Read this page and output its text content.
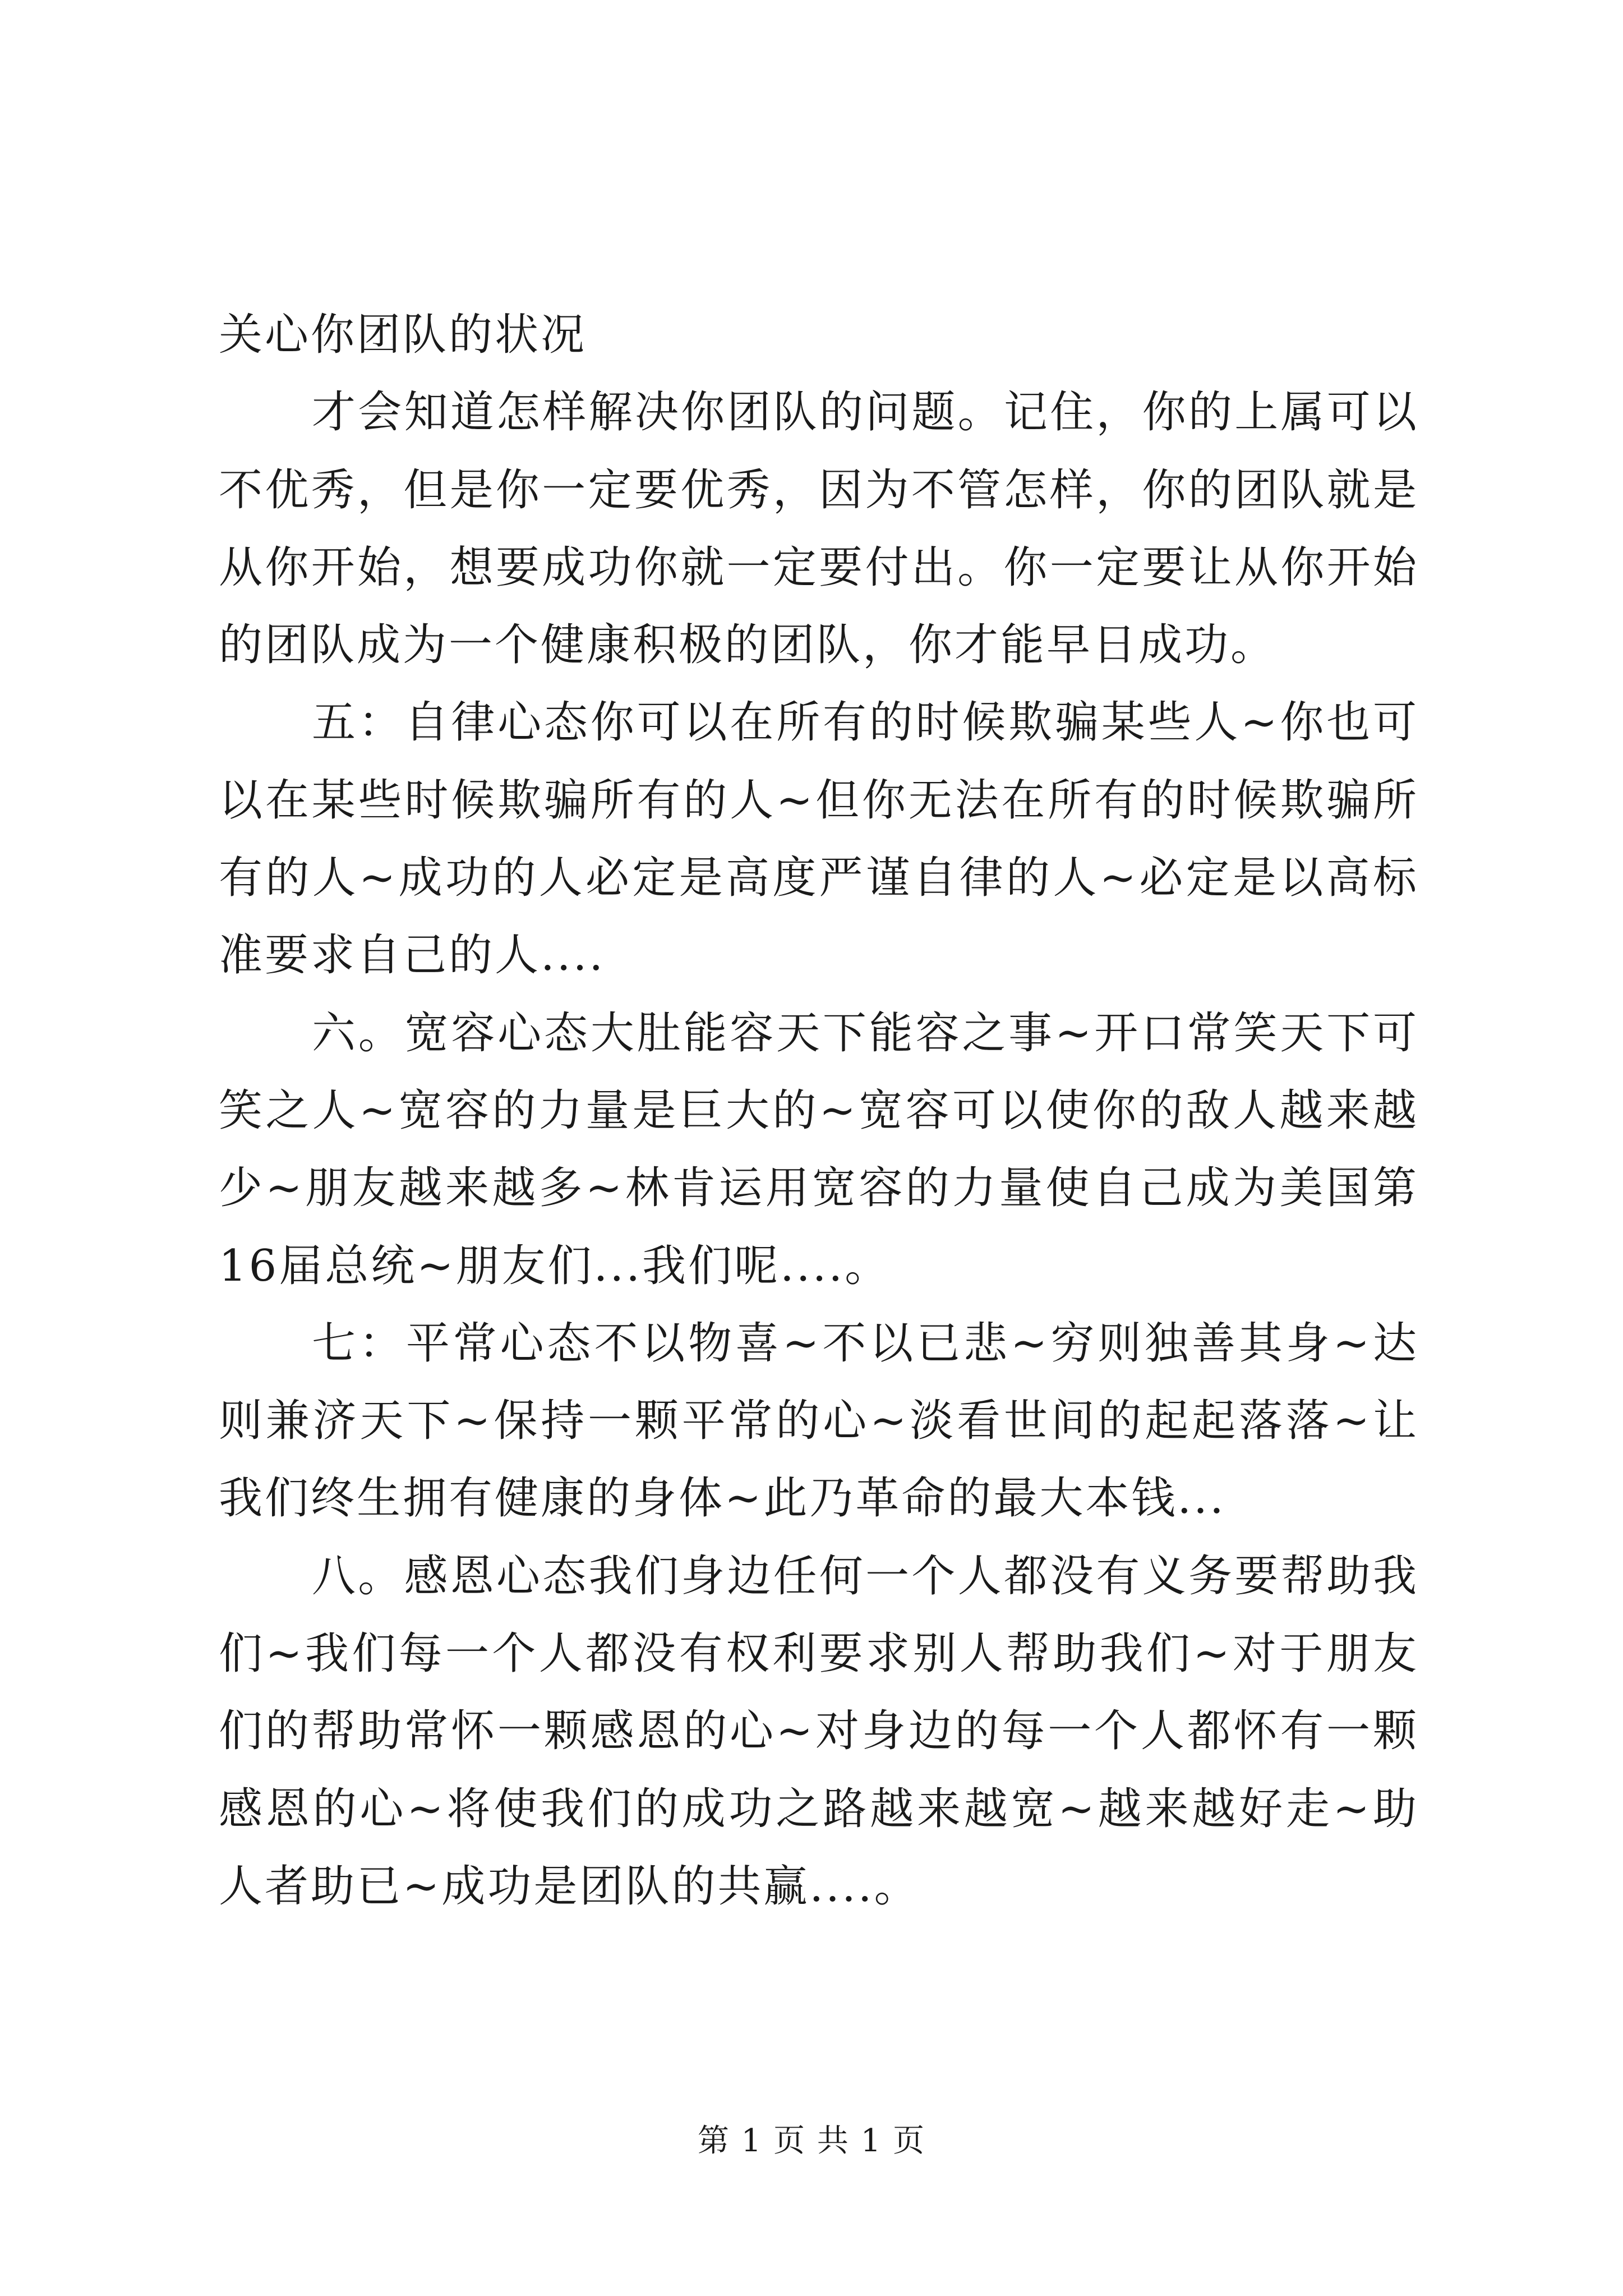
关心你团队的状况

才会知道怎样解决你团队的问题。记住，你的上属可以不优秀，但是你一定要优秀，因为不管怎样，你的团队就是从你开始，想要成功你就一定要付出。你一定要让从你开始的团队成为一个健康积极的团队，你才能早日成功。

五：自律心态你可以在所有的时候欺骗某些人~你也可以在某些时候欺骗所有的人~但你无法在所有的时候欺骗所有的人~成功的人必定是高度严谨自律的人~必定是以高标准要求自己的人....

六。宽容心态大肚能容天下能容之事~开口常笑天下可笑之人~宽容的力量是巨大的~宽容可以使你的敌人越来越少~朋友越来越多~林肯运用宽容的力量使自己成为美国第16届总统~朋友们...我们呢....。

七：平常心态不以物喜~不以已悲~穷则独善其身~达则兼济天下~保持一颗平常的心~淡看世间的起起落落~让我们终生拥有健康的身体~此乃革命的最大本钱...

八。感恩心态我们身边任何一个人都没有义务要帮助我们~我们每一个人都没有权利要求别人帮助我们~对于朋友们的帮助常怀一颗感恩的心~对身边的每一个人都怀有一颗感恩的心~将使我们的成功之路越来越宽~越来越好走~助人者助已~成功是团队的共赢....。

第 1 页 共 1 页
